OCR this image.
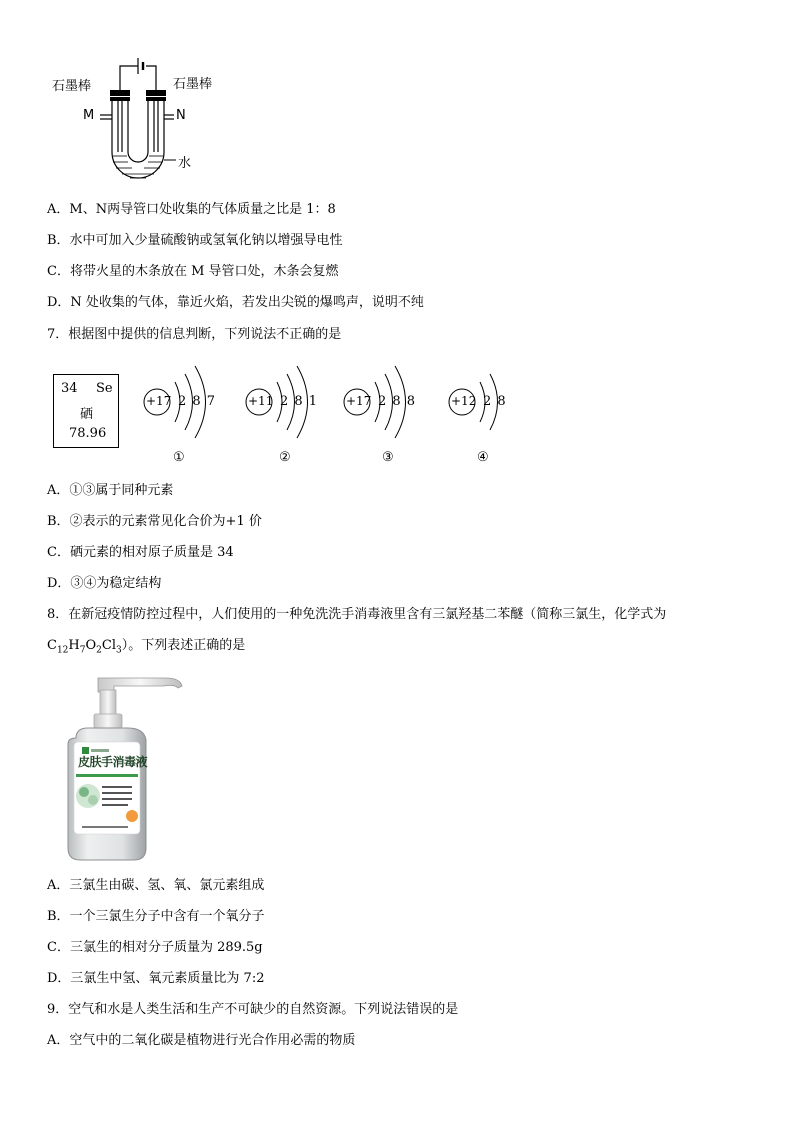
石墨棒	石墨棒
M	N
水
A．M、N两导管口处收集的气体质量之比是 1：8
B．水中可加入少量硫酸钠或氢氧化钠以增强导电性
C．将带火星的木条放在 M 导管口处，木条会复燃
D．N 处收集的气体，靠近火焰，若发出尖锐的爆鸣声，说明不纯
7．根据图中提供的信息判断，下列说法不正确的是
34 Se
硒
78.96
+17 2 8 7
①
+11 2 8 1
②
+17 2 8 8
③
+12 2 8
④
A．①③属于同种元素
B．②表示的元素常见化合价为+1 价
C．硒元素的相对原子质量是 34
D．③④为稳定结构
8．在新冠疫情防控过程中，人们使用的一种免洗洗手消毒液里含有三氯羟基二苯醚（简称三氯生，化学式为
$C_{12}H_7O_2Cl_3$）。下列表述正确的是
皮肤手消毒液
A．三氯生由碳、氢、氧、氯元素组成
B．一个三氯生分子中含有一个氧分子
C．三氯生的相对分子质量为 289.5g
D．三氯生中氢、氧元素质量比为 7:2
9．空气和水是人类生活和生产不可缺少的自然资源。下列说法错误的是
A．空气中的二氧化碳是植物进行光合作用必需的物质
